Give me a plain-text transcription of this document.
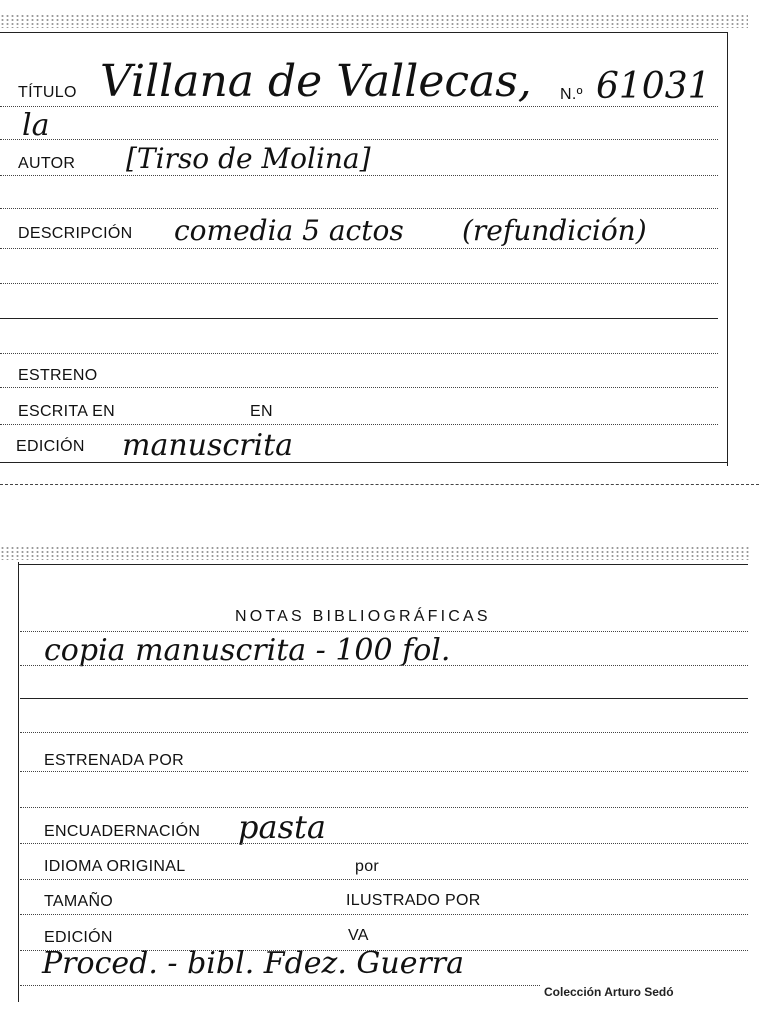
TÍTULO Villana de Vallecas, N.º 61031
la
AUTOR [Tirso de Molina]
DESCRIPCIÓN comedia 5 actos (refundición)
ESTRENO
ESCRITA EN	EN
EDICIÓN manuscrita
NOTAS BIBLIOGRÁFICAS
copia manuscrita - 100 fol.
ESTRENADA POR
ENCUADERNACIÓN pasta
IDIOMA ORIGINAL	por
TAMAÑO	ILUSTRADO POR
EDICIÓN	VA
Proced. - bibl. Fdez. Guerra
Colección Arturo Sedó
